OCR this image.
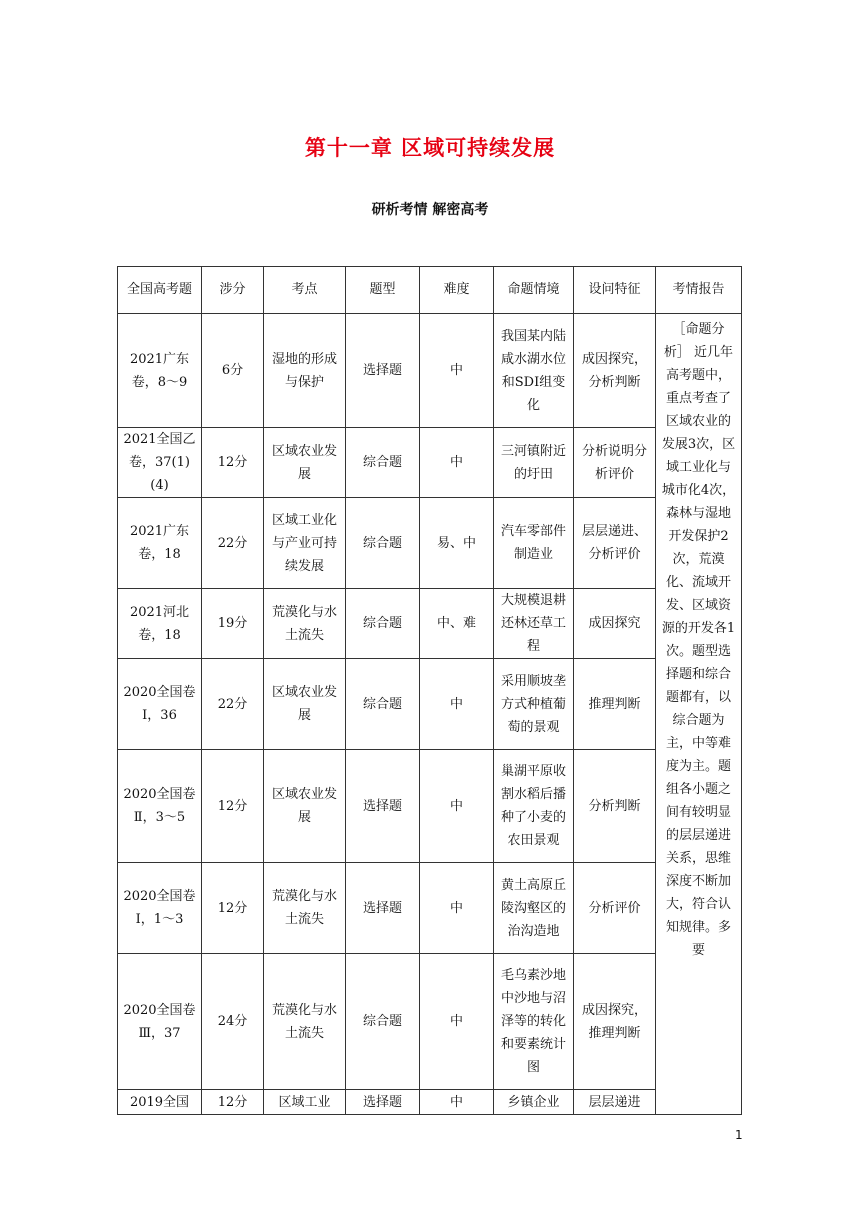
第十一章 区域可持续发展
研析考情 解密高考
全国高考题	涉分	考点	题型	难度	命题情境	设问特征	考情报告
2021广东卷，8～9	6分	湿地的形成与保护	选择题	中	我国某内陆咸水湖水位和SDI组变化	成因探究，分析判断	［命题分析］ 近几年高考题中，重点考查了区域农业的发展3次，区域工业化与城市化4次，森林与湿地开发保护2次，荒漠化、流域开发、区域资源的开发各1次。题型选择题和综合题都有，以综合题为主，中等难度为主。题组各小题之间有较明显的层层递进关系，思维深度不断加大，符合认知规律。多要
2021全国乙卷，37(1)(4)	12分	区域农业发展	综合题	中	三河镇附近的圩田	分析说明分析评价	
2021广东卷，18	22分	区域工业化与产业可持续发展	综合题	易、中	汽车零部件制造业	层层递进、分析评价	
2021河北卷，18	19分	荒漠化与水土流失	综合题	中、难	大规模退耕还林还草工程	成因探究	
2020全国卷Ⅰ，36	22分	区域农业发展	综合题	中	采用顺坡垄方式种植葡萄的景观	推理判断	
2020全国卷Ⅱ，3～5	12分	区域农业发展	选择题	中	巢湖平原收割水稻后播种了小麦的农田景观	分析判断	
2020全国卷Ⅰ，1～3	12分	荒漠化与水土流失	选择题	中	黄土高原丘陵沟壑区的治沟造地	分析评价	
2020全国卷Ⅲ，37	24分	荒漠化与水土流失	综合题	中	毛乌素沙地中沙地与沼泽等的转化和要素统计图	成因探究，推理判断	
2019全国	12分	区域工业	选择题	中	乡镇企业	层层递进	
1
